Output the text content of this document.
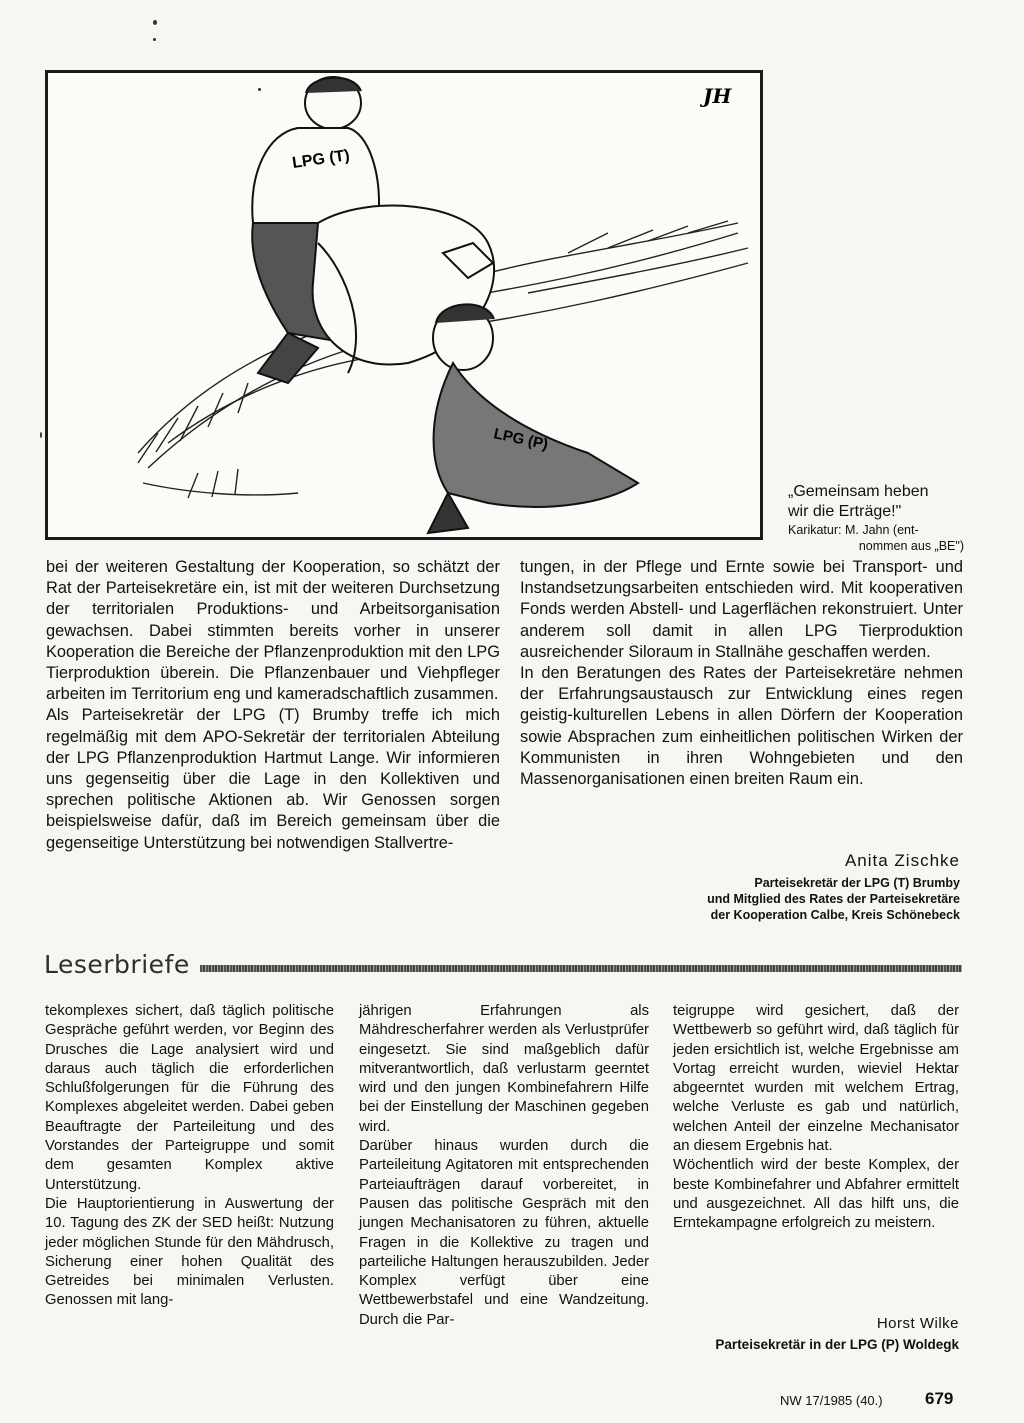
LPG (T)
LPG (P)
JH
„Gemeinsam heben
wir die Erträge!"
Karikatur: M. Jahn (ent-
nommen aus „BE")

bei der weiteren Gestaltung der Kooperation, so schätzt der Rat der Parteisekretäre ein, ist mit der weiteren Durchsetzung der territorialen Produktions- und Arbeitsorganisation gewachsen. Dabei stimmten bereits vorher in unserer Kooperation die Bereiche der Pflanzenproduktion mit den LPG Tierproduktion überein. Die Pflanzenbauer und Viehpfleger arbeiten im Territorium eng und kameradschaftlich zusammen.

Als Parteisekretär der LPG (T) Brumby treffe ich mich regelmäßig mit dem APO-Sekretär der territorialen Abteilung der LPG Pflanzenproduktion Hartmut Lange. Wir informieren uns gegenseitig über die Lage in den Kollektiven und sprechen politische Aktionen ab. Wir Genossen sorgen beispielsweise dafür, daß im Bereich gemeinsam über die gegenseitige Unterstützung bei notwendigen Stallvertre-

tungen, in der Pflege und Ernte sowie bei Transport- und Instandsetzungsarbeiten entschieden wird. Mit kooperativen Fonds werden Abstell- und Lagerflächen rekonstruiert. Unter anderem soll damit in allen LPG Tierproduktion ausreichender Siloraum in Stallnähe geschaffen werden.

In den Beratungen des Rates der Parteisekretäre nehmen der Erfahrungsaustausch zur Entwicklung eines regen geistig-kulturellen Lebens in allen Dörfern der Kooperation sowie Absprachen zum einheitlichen politischen Wirken der Kommunisten in ihren Wohngebieten und den Massenorganisationen einen breiten Raum ein.

Anita Zischke
Parteisekretär der LPG (T) Brumby
und Mitglied des Rates der Parteisekretäre
der Kooperation Calbe, Kreis Schönebeck
Leserbriefe

tekomplexes sichert, daß täglich politische Gespräche geführt werden, vor Beginn des Drusches die Lage analysiert wird und daraus auch täglich die erforderlichen Schlußfolgerungen für die Führung des Komplexes abgeleitet werden. Dabei geben Beauftragte der Parteileitung und des Vorstandes der Parteigruppe und somit dem gesamten Komplex aktive Unterstützung.

Die Hauptorientierung in Auswertung der 10. Tagung des ZK der SED heißt: Nutzung jeder möglichen Stunde für den Mähdrusch, Sicherung einer hohen Qualität des Getreides bei minimalen Verlusten. Genossen mit lang-

jährigen Erfahrungen als Mähdrescherfahrer werden als Verlustprüfer eingesetzt. Sie sind maßgeblich dafür mitverantwortlich, daß verlustarm geerntet wird und den jungen Kombinefahrern Hilfe bei der Einstellung der Maschinen gegeben wird.

Darüber hinaus wurden durch die Parteileitung Agitatoren mit entsprechenden Parteiaufträgen darauf vorbereitet, in Pausen das politische Gespräch mit den jungen Mechanisatoren zu führen, aktuelle Fragen in die Kollektive zu tragen und parteiliche Haltungen herauszubilden. Jeder Komplex verfügt über eine Wettbewerbstafel und eine Wandzeitung. Durch die Par-

teigruppe wird gesichert, daß der Wettbewerb so geführt wird, daß täglich für jeden ersichtlich ist, welche Ergebnisse am Vortag erreicht wurden, wieviel Hektar abgeerntet wurden mit welchem Ertrag, welche Verluste es gab und natürlich, welchen Anteil der einzelne Mechanisator an diesem Ergebnis hat.

Wöchentlich wird der beste Komplex, der beste Kombinefahrer und Abfahrer ermittelt und ausgezeichnet. All das hilft uns, die Erntekampagne erfolgreich zu meistern.

Horst Wilke
Parteisekretär in der LPG (P) Woldegk
NW 17/1985 (40.) 679
